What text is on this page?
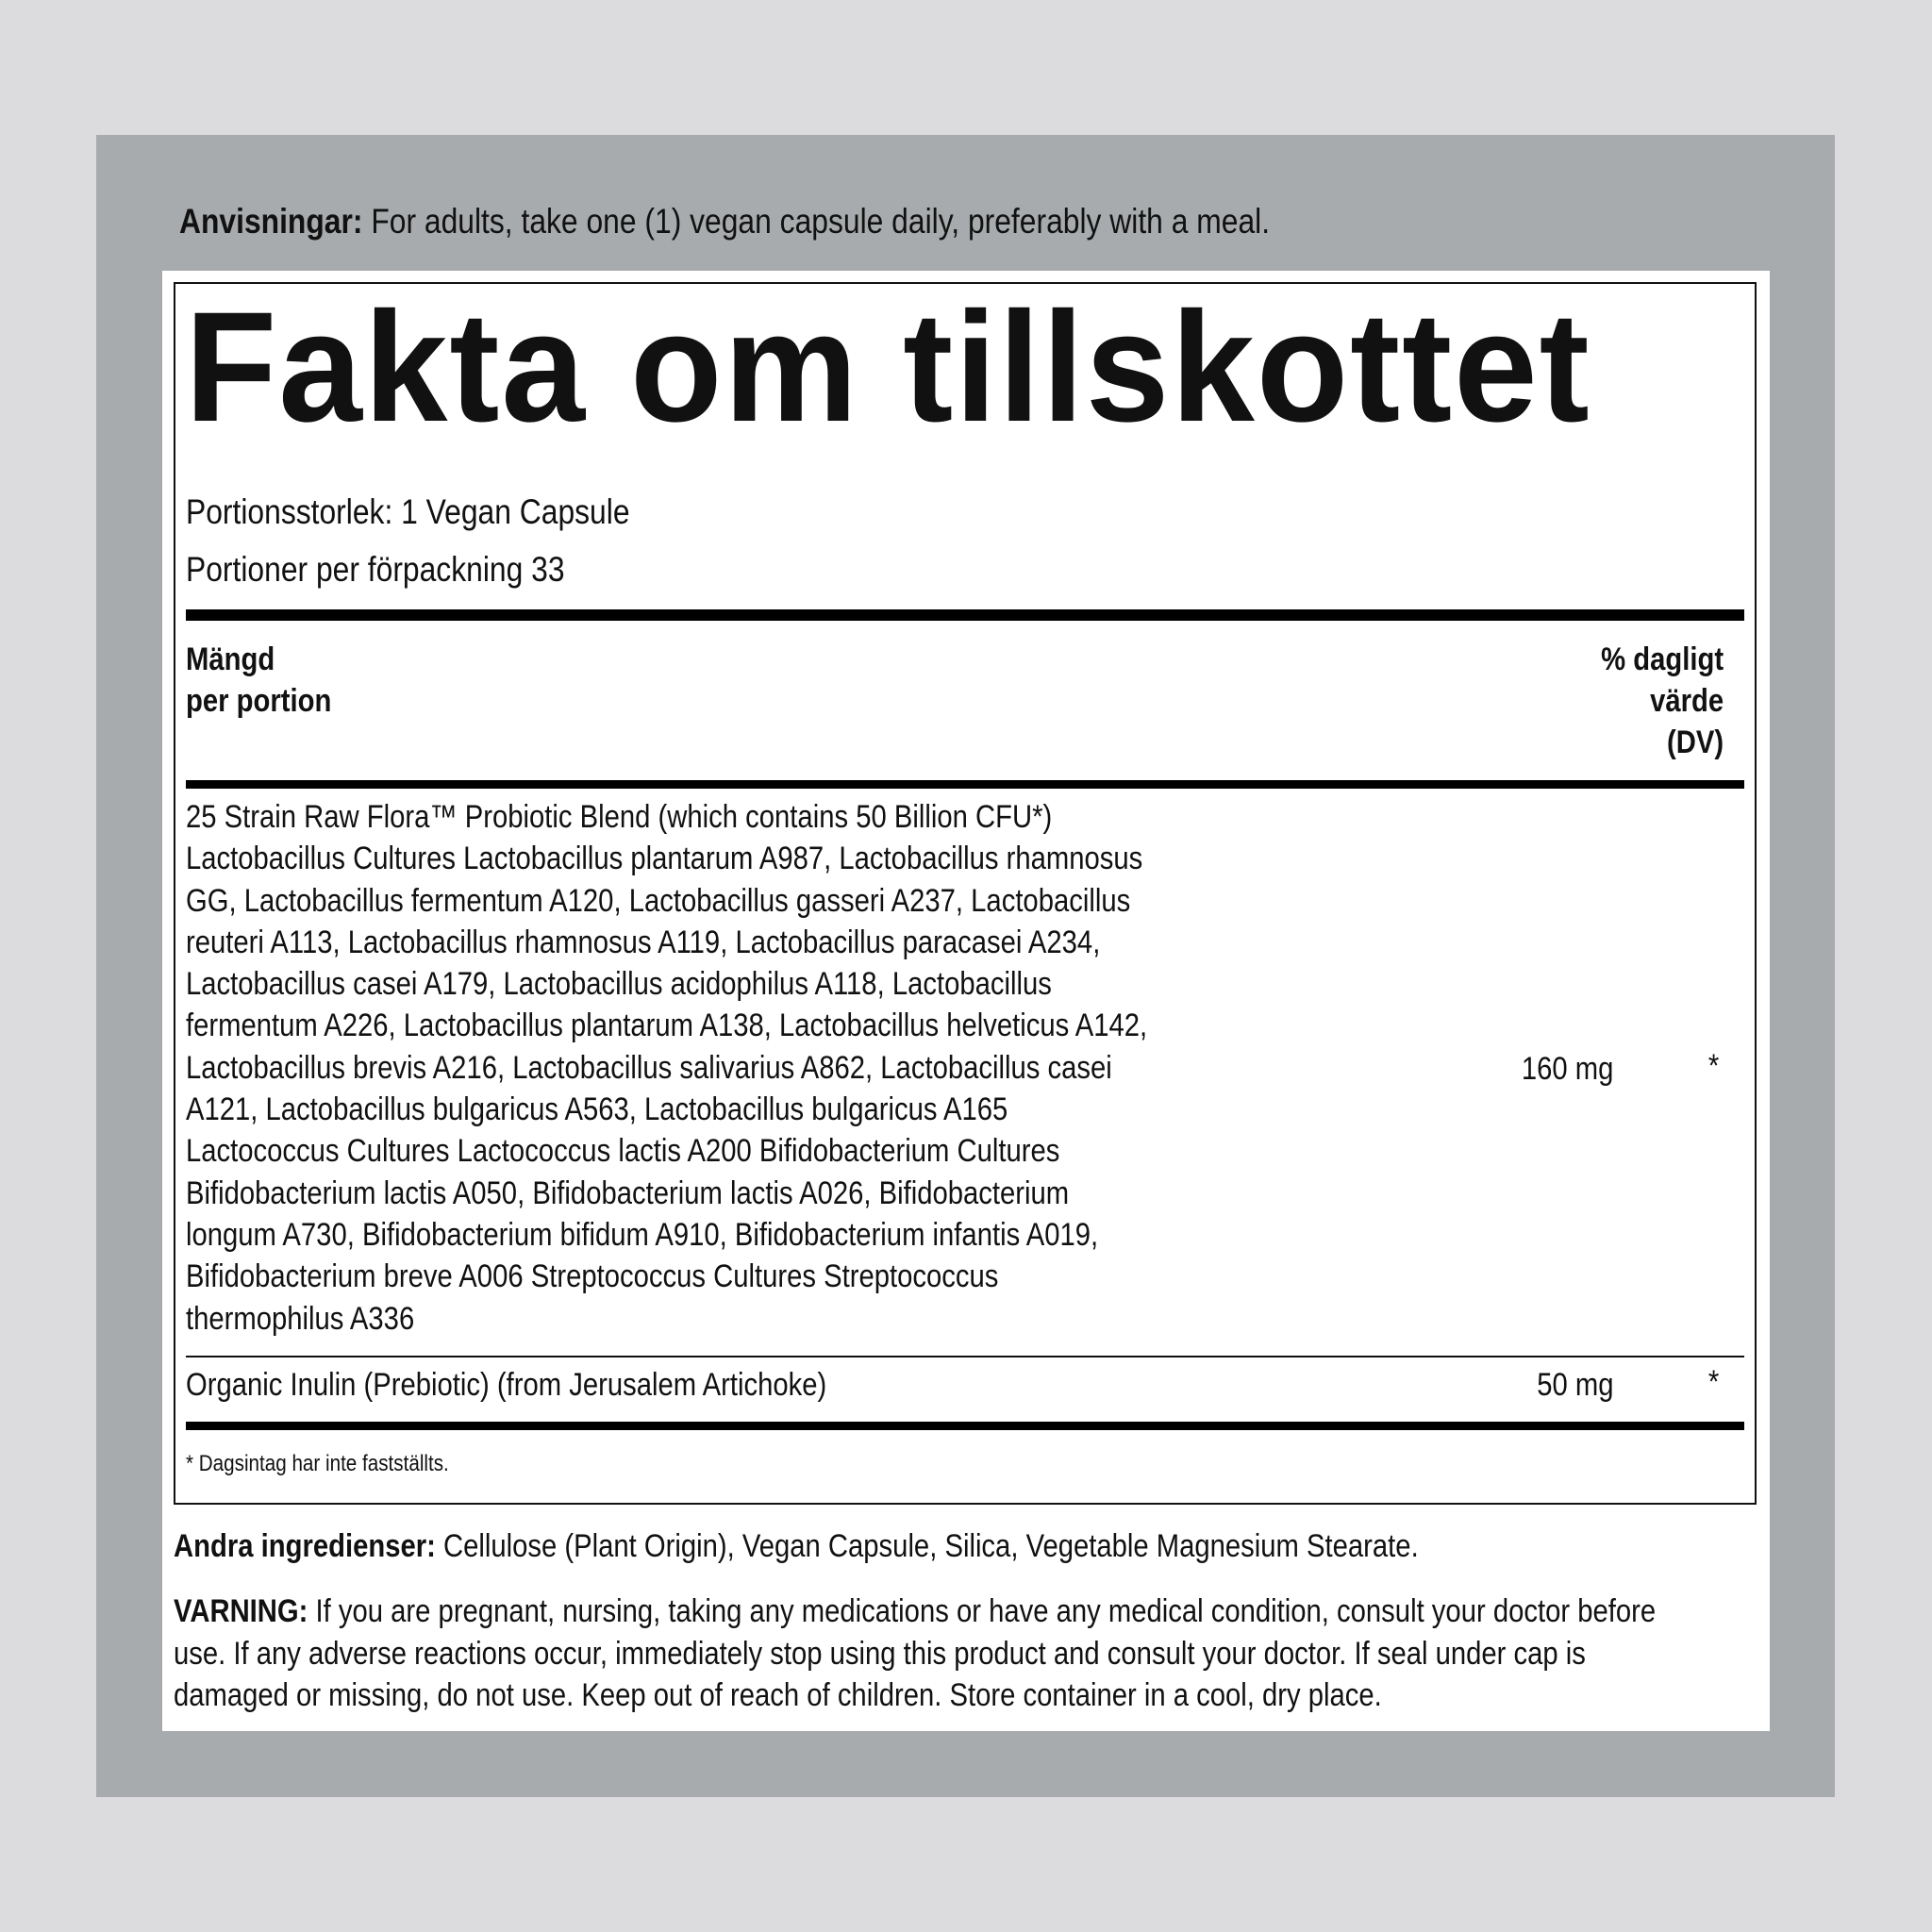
Anvisningar: For adults, take one (1) vegan capsule daily, preferably with a meal.
Fakta om tillskottet
Portionsstorlek: 1 Vegan Capsule
Portioner per förpackning 33
Mängd
per portion
% dagligt
värde
(DV)

25 Strain Raw Flora™ Probiotic Blend (which contains 50 Billion CFU*)

Lactobacillus Cultures Lactobacillus plantarum A987, Lactobacillus rhamnosus

GG, Lactobacillus fermentum A120, Lactobacillus gasseri A237, Lactobacillus

reuteri A113, Lactobacillus rhamnosus A119, Lactobacillus paracasei A234,

Lactobacillus casei A179, Lactobacillus acidophilus A118, Lactobacillus

fermentum A226, Lactobacillus plantarum A138, Lactobacillus helveticus A142,

Lactobacillus brevis A216, Lactobacillus salivarius A862, Lactobacillus casei

A121, Lactobacillus bulgaricus A563, Lactobacillus bulgaricus A165

Lactococcus Cultures Lactococcus lactis A200 Bifidobacterium Cultures

Bifidobacterium lactis A050, Bifidobacterium lactis A026, Bifidobacterium

longum A730, Bifidobacterium bifidum A910, Bifidobacterium infantis A019,

Bifidobacterium breve A006 Streptococcus Cultures Streptococcus

thermophilus A336

160 mg	*
Organic Inulin (Prebiotic) (from Jerusalem Artichoke)	50 mg	*
* Dagsintag har inte fastställts.
Andra ingredienser: Cellulose (Plant Origin), Vegan Capsule, Silica, Vegetable Magnesium Stearate.

VARNING: If you are pregnant, nursing, taking any medications or have any medical condition, consult your doctor before

use. If any adverse reactions occur, immediately stop using this product and consult your doctor. If seal under cap is

damaged or missing, do not use. Keep out of reach of children. Store container in a cool, dry place.
